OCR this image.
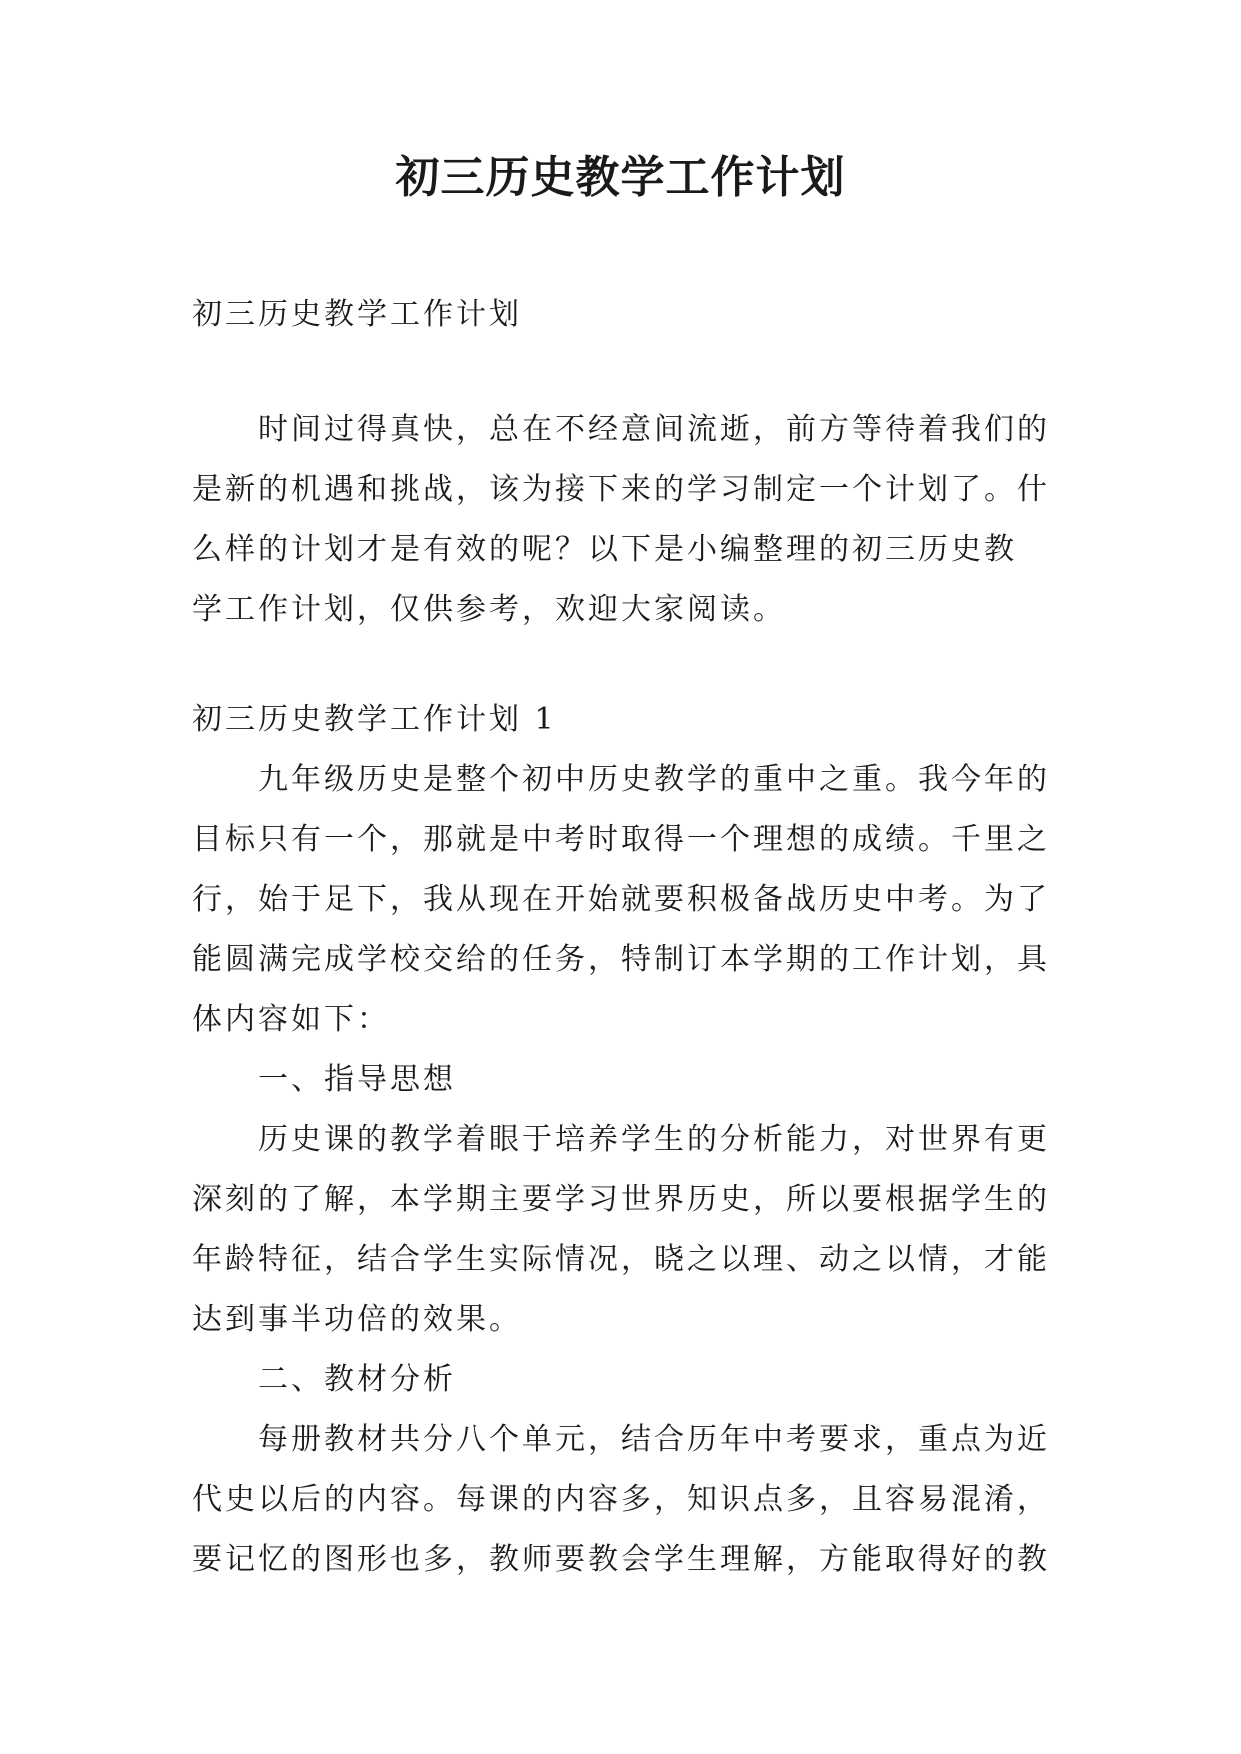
初三历史教学工作计划
初三历史教学工作计划
时间过得真快，总在不经意间流逝，前方等待着我们的
是新的机遇和挑战，该为接下来的学习制定一个计划了。什
么样的计划才是有效的呢？以下是小编整理的初三历史教
学工作计划，仅供参考，欢迎大家阅读。
初三历史教学工作计划 1
九年级历史是整个初中历史教学的重中之重。我今年的
目标只有一个，那就是中考时取得一个理想的成绩。千里之
行，始于足下，我从现在开始就要积极备战历史中考。为了
能圆满完成学校交给的任务，特制订本学期的工作计划，具
体内容如下：
一、指导思想
历史课的教学着眼于培养学生的分析能力，对世界有更
深刻的了解，本学期主要学习世界历史，所以要根据学生的
年龄特征，结合学生实际情况，晓之以理、动之以情，才能
达到事半功倍的效果。
二、教材分析
每册教材共分八个单元，结合历年中考要求，重点为近
代史以后的内容。每课的内容多，知识点多，且容易混淆，
要记忆的图形也多，教师要教会学生理解，方能取得好的教
